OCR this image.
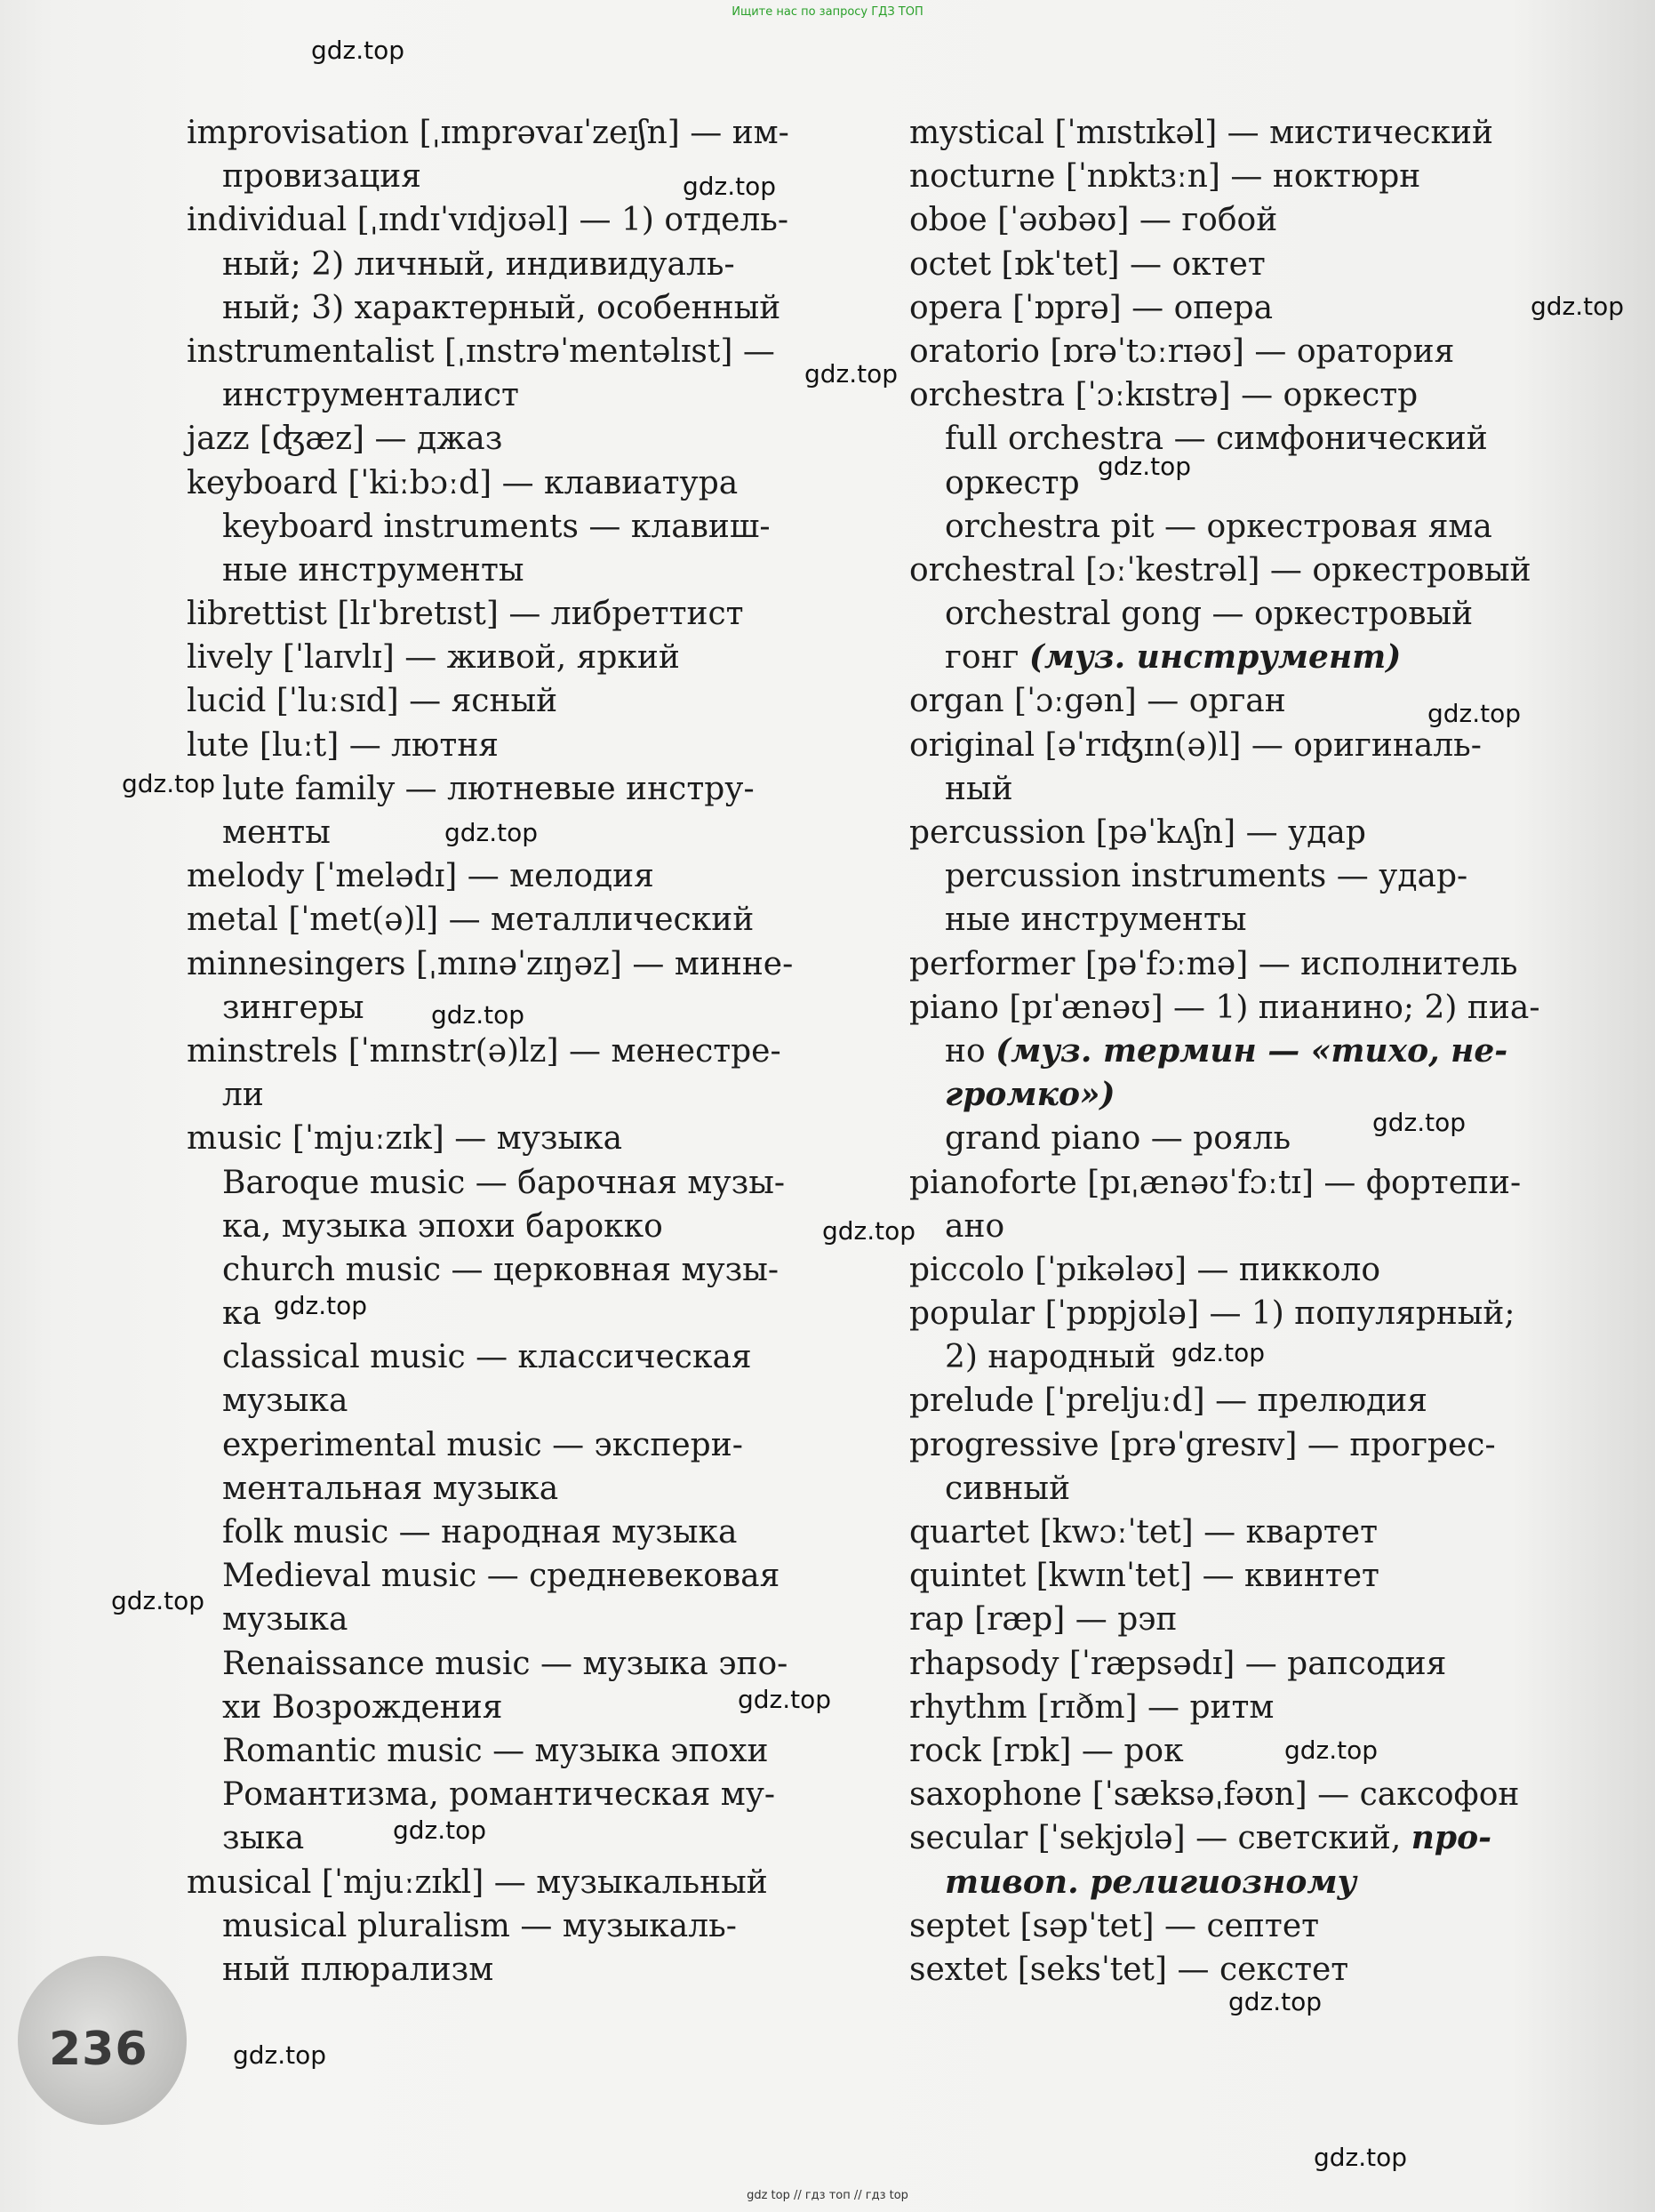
Ищите нас по запросу ГДЗ ТОП
improvisation [ˌɪmprəvaɪˈzeɪʃn] — им-
провизация
individual [ˌɪndɪˈvɪdjʊəl] — 1) отдель-
ный; 2) личный, индивидуаль-
ный; 3) характерный, особенный
instrumentalist [ˌɪnstrəˈmentəlɪst] —
инструменталист
jazz [ʤæz] — джаз
keyboard [ˈkiːbɔːd] — клавиатура
keyboard instruments — клавиш-
ные инструменты
librettist [lɪˈbretɪst] — либреттист
lively [ˈlaɪvlɪ] — живой, яркий
lucid [ˈluːsɪd] — ясный
lute [luːt] — лютня
lute family — лютневые инстру-
менты
melody [ˈmelədɪ] — мелодия
metal [ˈmet(ə)l] — металлический
minnesingers [ˌmɪnəˈzɪŋəz] — минне-
зингеры
minstrels [ˈmɪnstr(ə)lz] — менестре-
ли
music [ˈmjuːzɪk] — музыка
Baroque music — барочная музы-
ка, музыка эпохи барокко
church music — церковная музы-
ка
classical music — классическая
музыка
experimental music — экспери-
ментальная музыка
folk music — народная музыка
Medieval music — средневековая
музыка
Renaissance music — музыка эпо-
хи Возрождения
Romantic music — музыка эпохи
Романтизма, романтическая му-
зыка
musical [ˈmjuːzɪkl] — музыкальный
musical pluralism — музыкаль-
ный плюрализм
mystical [ˈmɪstɪkəl] — мистический
nocturne [ˈnɒktɜːn] — ноктюрн
oboe [ˈəʊbəʊ] — гобой
octet [ɒkˈtet] — октет
opera [ˈɒprə] — опера
oratorio [ɒrəˈtɔːrɪəʊ] — оратория
orchestra [ˈɔːkɪstrə] — оркестр
full orchestra — симфонический
оркестр
orchestra pit — оркестровая яма
orchestral [ɔːˈkestrəl] — оркестровый
orchestral gong — оркестровый
гонг (муз. инструмент)
organ [ˈɔːgən] — орган
original [əˈrɪʤɪn(ə)l] — оригиналь-
ный
percussion [pəˈkʌʃn] — удар
percussion instruments — удар-
ные инструменты
performer [pəˈfɔːmə] — исполнитель
piano [pɪˈænəʊ] — 1) пианино; 2) пиа-
но (муз. термин — «тихо, не-
громко»)
grand piano — рояль
pianoforte [pɪˌænəʊˈfɔːtɪ] — фортепи-
ано
piccolo [ˈpɪkələʊ] — пикколо
popular [ˈpɒpjʊlə] — 1) популярный;
2) народный
prelude [ˈpreljuːd] — прелюдия
progressive [prəˈgresɪv] — прогрес-
сивный
quartet [kwɔːˈtet] — квартет
quintet [kwɪnˈtet] — квинтет
rap [ræp] — рэп
rhapsody [ˈræpsədɪ] — рапсодия
rhythm [rɪðm] — ритм
rock [rɒk] — рок
saxophone [ˈsæksəˌfəʊn] — саксофон
secular [ˈsekjʊlə] — светский, про-
тивоп. религиозному
septet [səpˈtet] — септет
sextet [seksˈtet] — секстет
gdz.top
gdz.top
gdz.top
gdz.top
gdz.top
gdz.top
gdz.top
gdz.top
gdz.top
gdz.top
gdz.top
gdz.top
gdz.top
gdz.top
gdz.top
gdz.top
gdz.top
gdz.top
gdz.top
gdz.top
236
gdz top // гдз топ // гдз top
